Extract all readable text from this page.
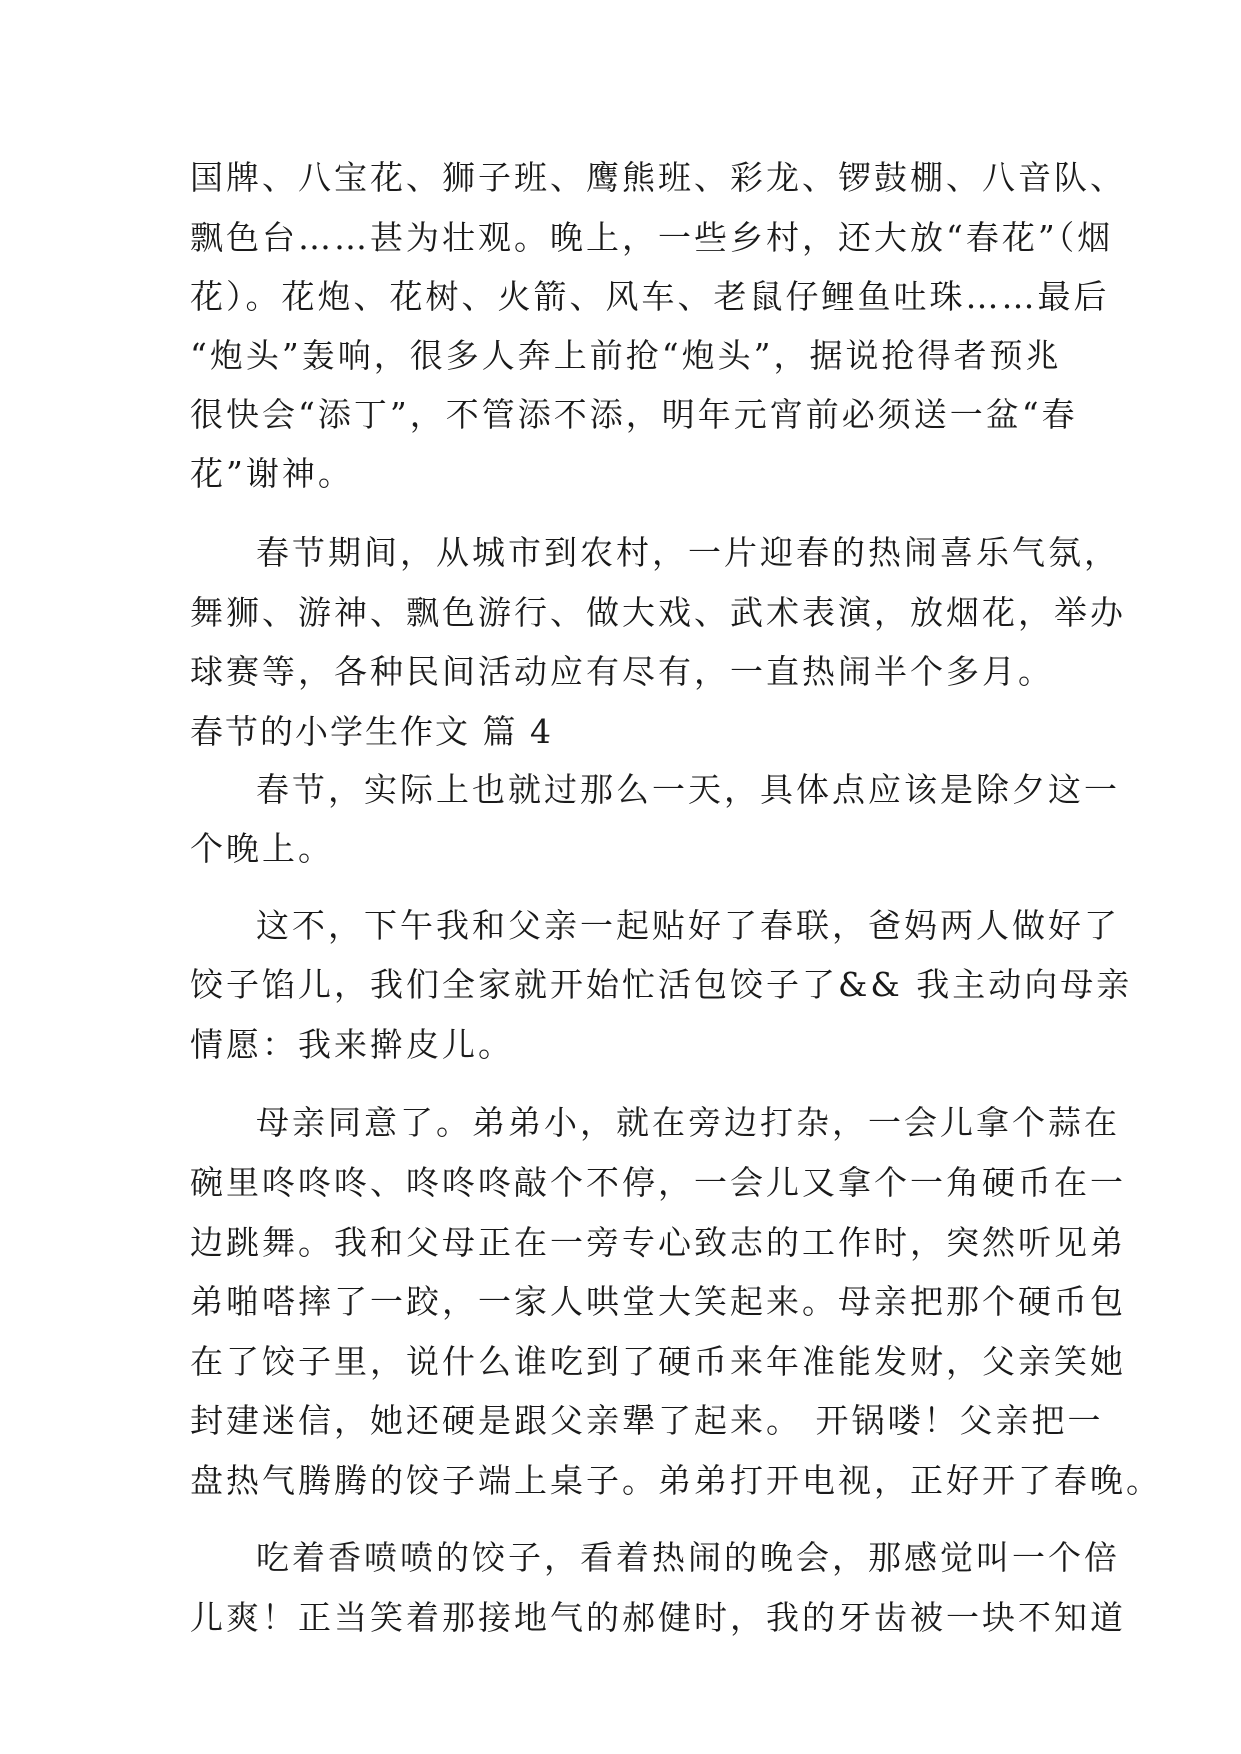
国牌、八宝花、狮子班、鹰熊班、彩龙、锣鼓棚、八音队、
飘色台……甚为壮观。晚上，一些乡村，还大放“春花”（烟
花）。花炮、花树、火箭、风车、老鼠仔鲤鱼吐珠……最后
“炮头”轰响，很多人奔上前抢“炮头”，据说抢得者预兆
很快会“添丁”，不管添不添，明年元宵前必须送一盆“春
花”谢神。
春节期间，从城市到农村，一片迎春的热闹喜乐气氛，
舞狮、游神、飘色游行、做大戏、武术表演，放烟花，举办
球赛等，各种民间活动应有尽有，一直热闹半个多月。
春节的小学生作文 篇 4
春节，实际上也就过那么一天，具体点应该是除夕这一
个晚上。
这不，下午我和父亲一起贴好了春联，爸妈两人做好了
饺子馅儿，我们全家就开始忙活包饺子了&& 我主动向母亲
情愿：我来擀皮儿。
母亲同意了。弟弟小，就在旁边打杂，一会儿拿个蒜在
碗里咚咚咚、咚咚咚敲个不停，一会儿又拿个一角硬币在一
边跳舞。我和父母正在一旁专心致志的工作时，突然听见弟
弟啪嗒摔了一跤，一家人哄堂大笑起来。母亲把那个硬币包
在了饺子里，说什么谁吃到了硬币来年准能发财，父亲笑她
封建迷信，她还硬是跟父亲犟了起来。 开锅喽！父亲把一
盘热气腾腾的饺子端上桌子。弟弟打开电视，正好开了春晚。
吃着香喷喷的饺子，看着热闹的晚会，那感觉叫一个倍
儿爽！正当笑着那接地气的郝健时，我的牙齿被一块不知道
